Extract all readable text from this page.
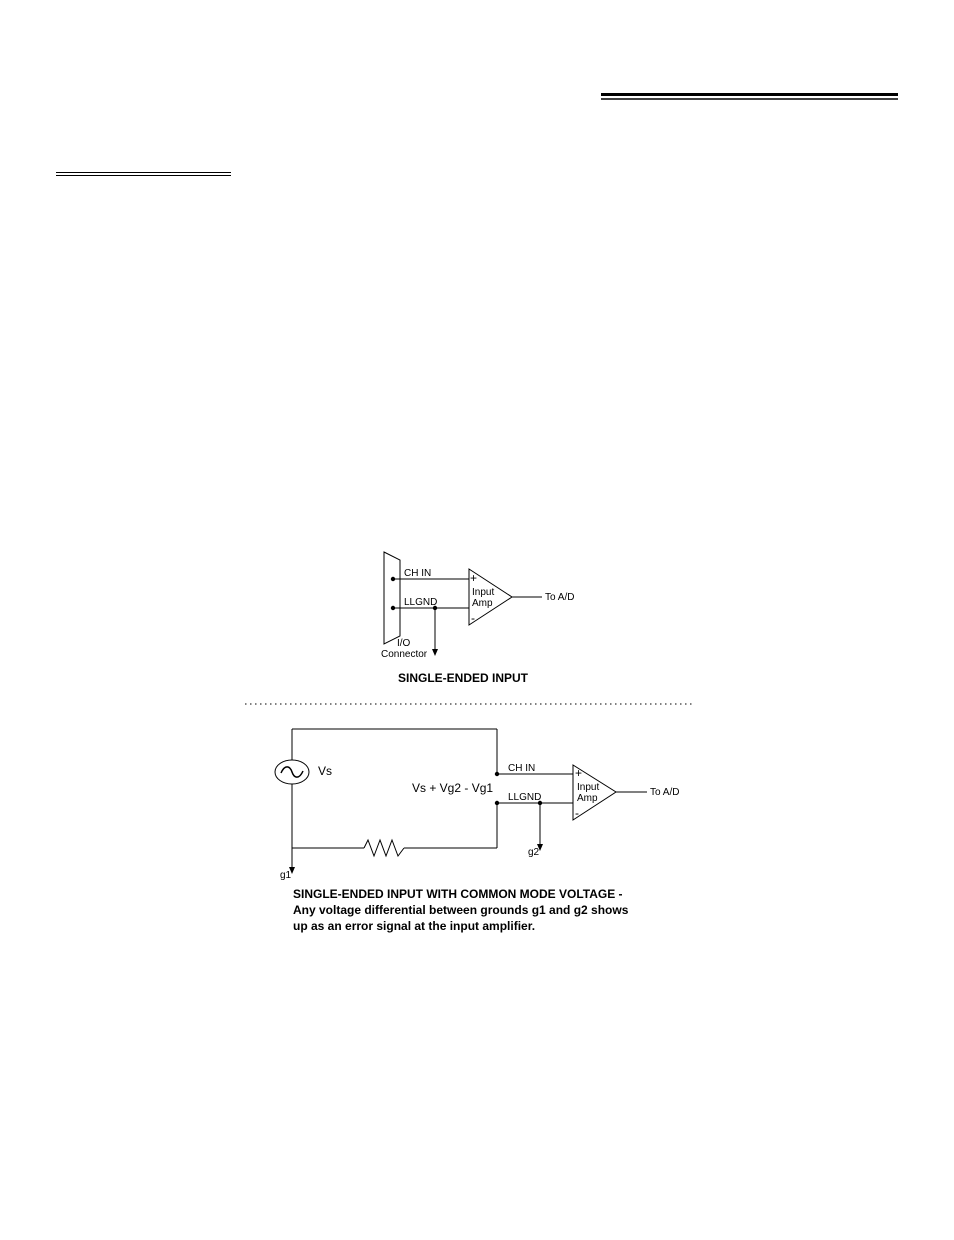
CH IN
LLGND
+
-
Input
Amp
To A/D
I/O
Connector
SINGLE-ENDED INPUT
Vs
Vs + Vg2 - Vg1
CH IN
LLGND
+
-
Input
Amp
To A/D
g1
g2
SINGLE-ENDED INPUT WITH COMMON MODE VOLTAGE -
Any voltage differential between grounds g1 and g2 shows
up as an error signal at the input amplifier.
